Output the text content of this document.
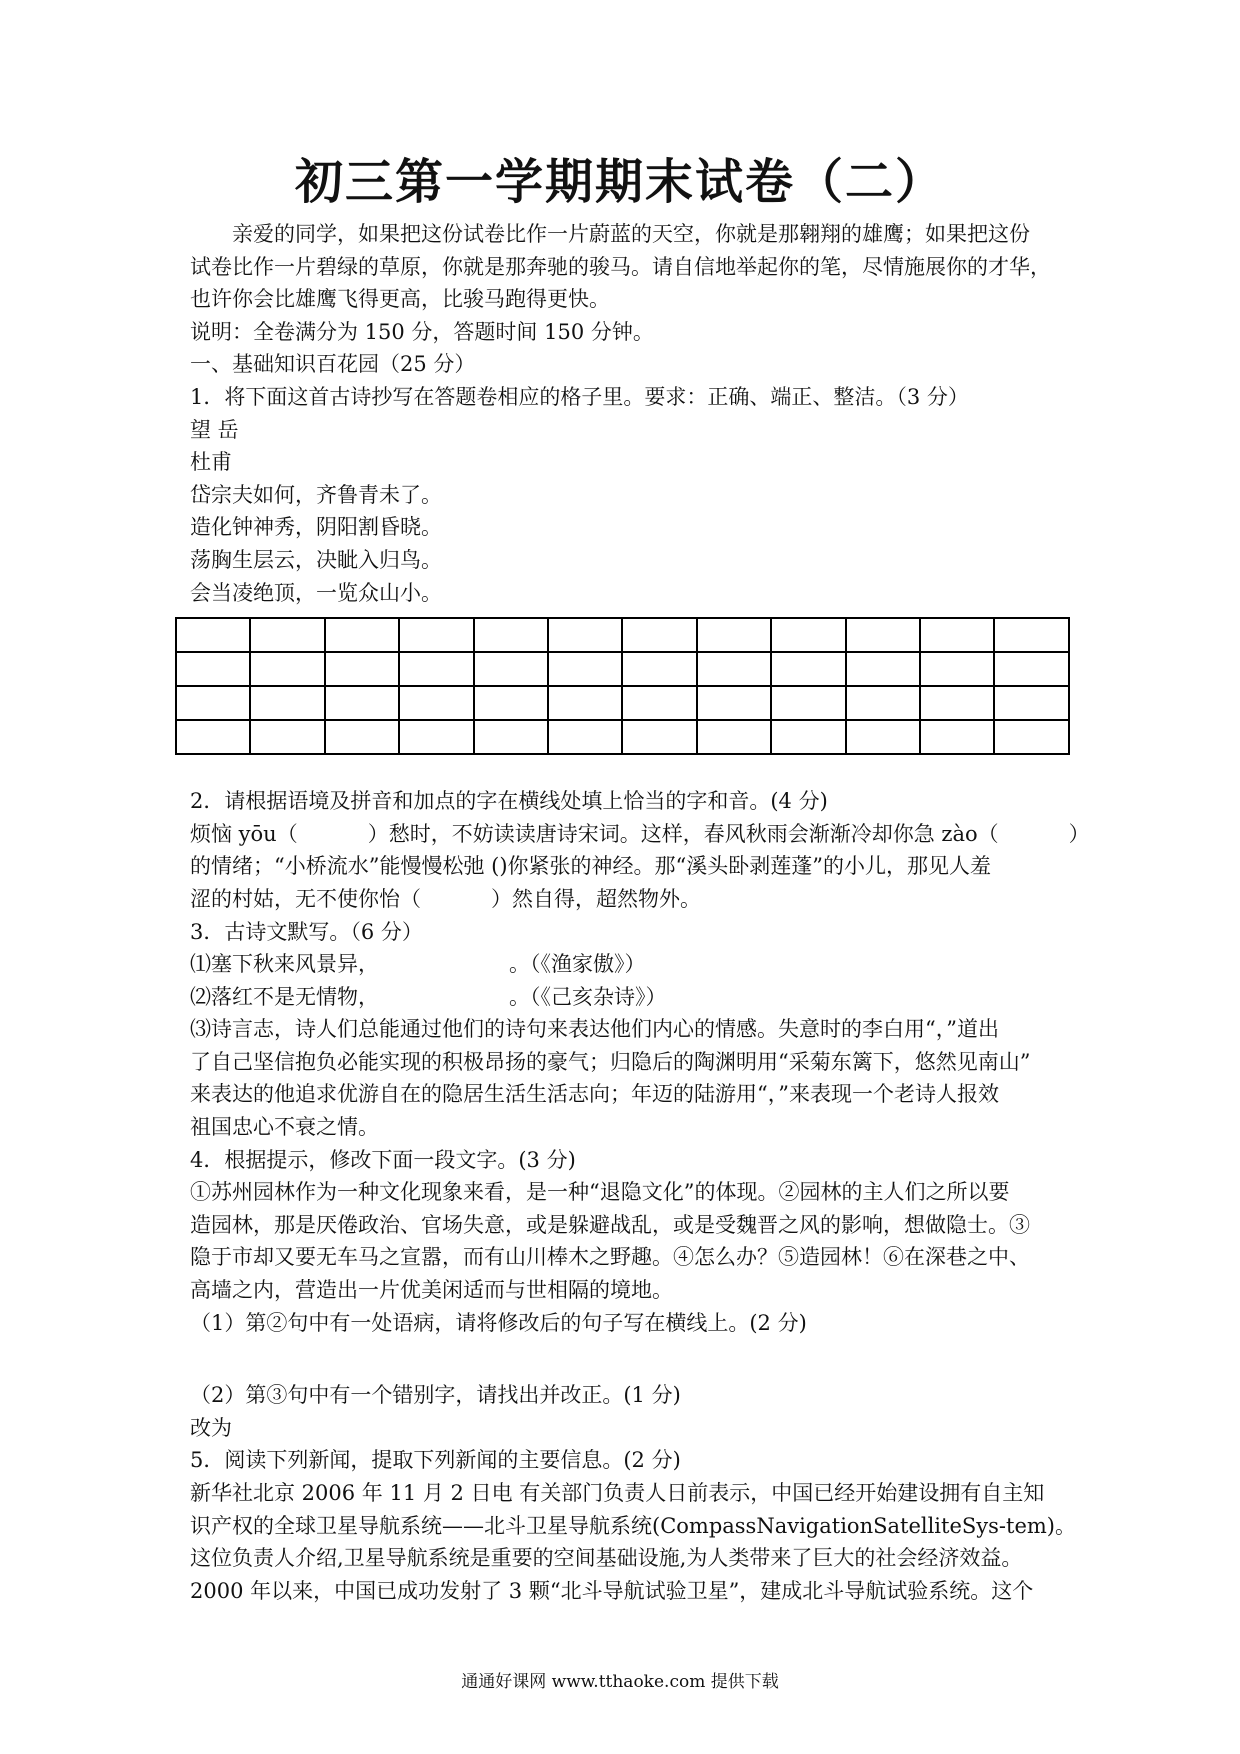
初三第一学期期末试卷（二）

亲爱的同学，如果把这份试卷比作一片蔚蓝的天空，你就是那翱翔的雄鹰；如果把这份

试卷比作一片碧绿的草原，你就是那奔驰的骏马。请自信地举起你的笔，尽情施展你的才华，

也许你会比雄鹰飞得更高，比骏马跑得更快。

说明：全卷满分为 150 分，答题时间 150 分钟。

一、基础知识百花园（25 分）

1．将下面这首古诗抄写在答题卷相应的格子里。要求：正确、端正、整洁。（3 分）

望 岳

杜甫

岱宗夫如何，齐鲁青未了。

造化钟神秀，阴阳割昏晓。

荡胸生层云，决眦入归鸟。

会当凌绝顶，一览众山小。

2．请根据语境及拼音和加点的字在横线处填上恰当的字和音。(4 分)

烦恼 yōu（	）愁时，不妨读读唐诗宋词。这样，春风秋雨会渐渐冷却你急 zào（	）

的情绪；“小桥流水”能慢慢松弛 ()你紧张的神经。那“溪头卧剥莲蓬”的小儿，那见人羞

涩的村姑，无不使你怡（	）然自得，超然物外。

3．古诗文默写。（6 分）

⑴塞下秋来风景异，	。（《渔家傲》）

⑵落红不是无情物，	。（《己亥杂诗》）

⑶诗言志，诗人们总能通过他们的诗句来表达他们内心的情感。失意时的李白用“，”道出

了自己坚信抱负必能实现的积极昂扬的豪气；归隐后的陶渊明用“采菊东篱下，悠然见南山”

来表达的他追求优游自在的隐居生活生活志向；年迈的陆游用“，”来表现一个老诗人报效

祖国忠心不衰之情。

4．根据提示，修改下面一段文字。(3 分)

①苏州园林作为一种文化现象来看，是一种“退隐文化”的体现。②园林的主人们之所以要

造园林，那是厌倦政治、官场失意，或是躲避战乱，或是受魏晋之风的影响，想做隐士。③

隐于市却又要无车马之宣嚣，而有山川棒木之野趣。④怎么办？⑤造园林！⑥在深巷之中、

高墙之内，营造出一片优美闲适而与世相隔的境地。

（1）第②句中有一处语病，请将修改后的句子写在横线上。(2 分)

（2）第③句中有一个错别字，请找出并改正。(1 分)

改为

5．阅读下列新闻，提取下列新闻的主要信息。(2 分)

新华社北京 2006 年 11 月 2 日电 有关部门负责人日前表示，中国已经开始建设拥有自主知

识产权的全球卫星导航系统——北斗卫星导航系统(CompassNavigationSatelliteSys-tem)。

这位负责人介绍,卫星导航系统是重要的空间基础设施,为人类带来了巨大的社会经济效益。

2000 年以来，中国已成功发射了 3 颗“北斗导航试验卫星”，建成北斗导航试验系统。这个

通通好课网 www.tthaoke.com 提供下载
